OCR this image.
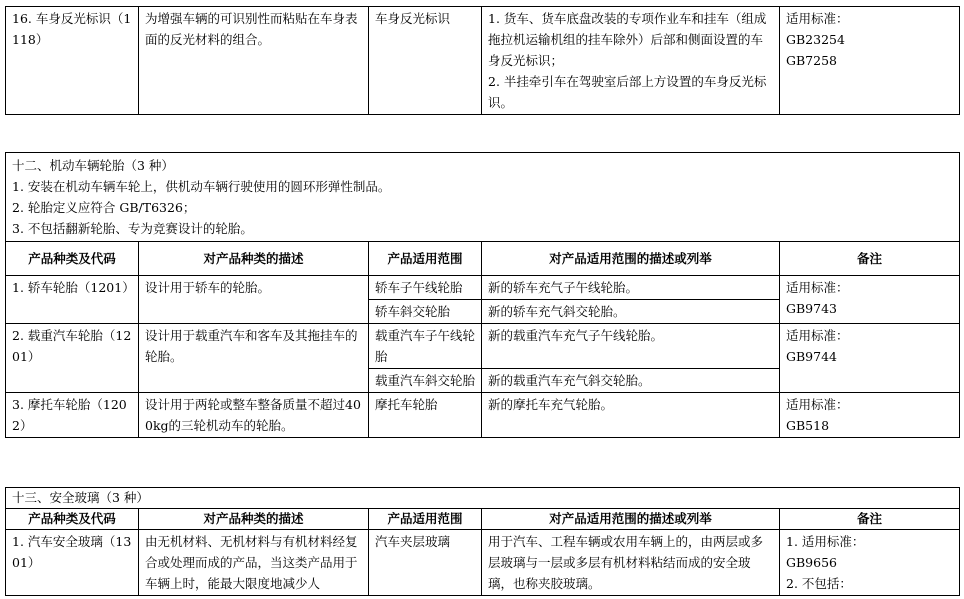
16. 车身反光标识（1118）	为增强车辆的可识别性而粘贴在车身表面的反光材料的组合。	车身反光标识	1. 货车、货车底盘改装的专项作业车和挂车（组成拖拉机运输机组的挂车除外）后部和侧面设置的车身反光标识；
2. 半挂牵引车在驾驶室后部上方设置的车身反光标识。

适用标准：
GB23254
GB7258
十二、机动车辆轮胎（3 种）
1. 安装在机动车辆车轮上，供机动车辆行驶使用的圆环形弹性制品。
2. 轮胎定义应符合 GB/T6326；
3. 不包括翻新轮胎、专为竞赛设计的轮胎。				

产品种类及代码	对产品种类的描述	产品适用范围	对产品适用范围的描述或列举	备注
1. 轿车轮胎（1201）	设计用于轿车的轮胎。	轿车子午线轮胎	新的轿车充气子午线轮胎。	适用标准：
GB9743

		轿车斜交轮胎	新的轿车充气斜交轮胎。	
2. 载重汽车轮胎（1201）	设计用于载重汽车和客车及其拖挂车的轮胎。	载重汽车子午线轮胎	新的载重汽车充气子午线轮胎。	适用标准：
GB9744

		载重汽车斜交轮胎	新的载重汽车充气斜交轮胎。	
3. 摩托车轮胎（1202）	设计用于两轮或整车整备质量不超过400kg的三轮机动车的轮胎。	摩托车轮胎	新的摩托车充气轮胎。	适用标准：
GB518
十三、安全玻璃（3 种）				
产品种类及代码	对产品种类的描述	产品适用范围	对产品适用范围的描述或列举	备注
1. 汽车安全玻璃（1301）	由无机材料、无机材料与有机材料经复合或处理而成的产品，当这类产品用于车辆上时，能最大限度地减少人	汽车夹层玻璃	用于汽车、工程车辆或农用车辆上的，由两层或多层玻璃与一层或多层有机材料粘结而成的安全玻璃，也称夹胶玻璃。	1. 适用标准：
GB9656
2. 不包括：
